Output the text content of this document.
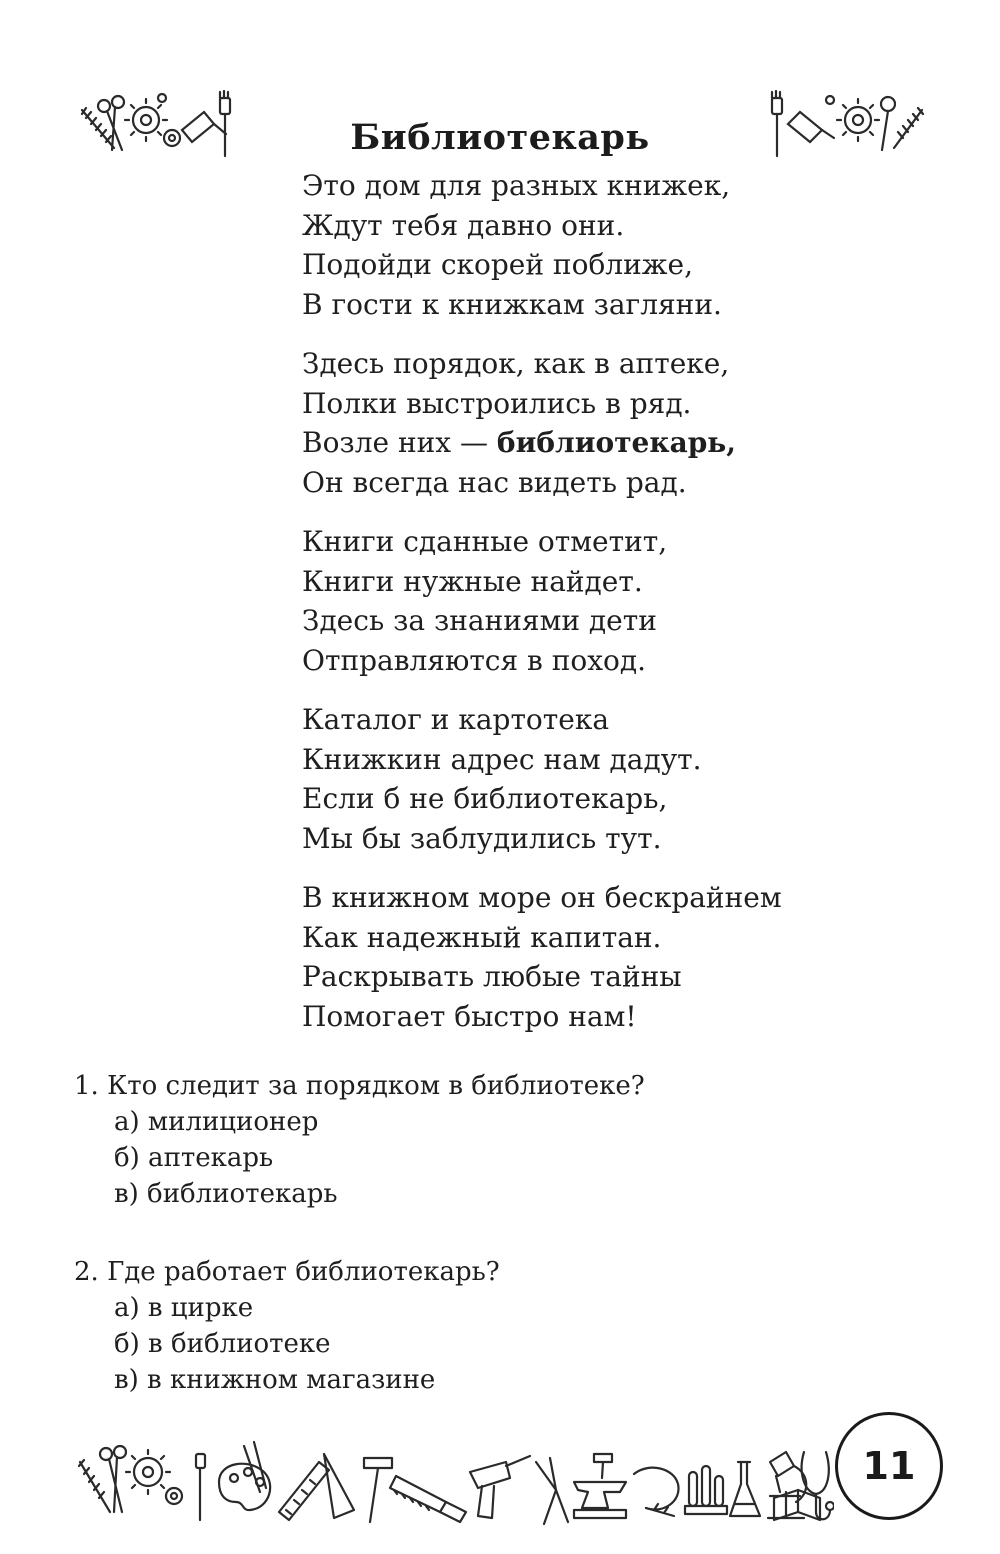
Библиотекарь
Это дом для разных книжек,
Ждут тебя давно они.
Подойди скорей поближе,
В гости к книжкам загляни.
Здесь порядок, как в аптеке,
Полки выстроились в ряд.
Возле них — библиотекарь,
Он всегда нас видеть рад.
Книги сданные отметит,
Книги нужные найдет.
Здесь за знаниями дети
Отправляются в поход.
Каталог и картотека
Книжкин адрес нам дадут.
Если б не библиотекарь,
Мы бы заблудились тут.
В книжном море он бескрайнем
Как надежный капитан.
Раскрывать любые тайны
Помогает быстро нам!
1. Кто следит за порядком в библиотеке?
а) милиционер
б) аптекарь
в) библиотекарь
2. Где работает библиотекарь?
а) в цирке
б) в библиотеке
в) в книжном магазине
11
